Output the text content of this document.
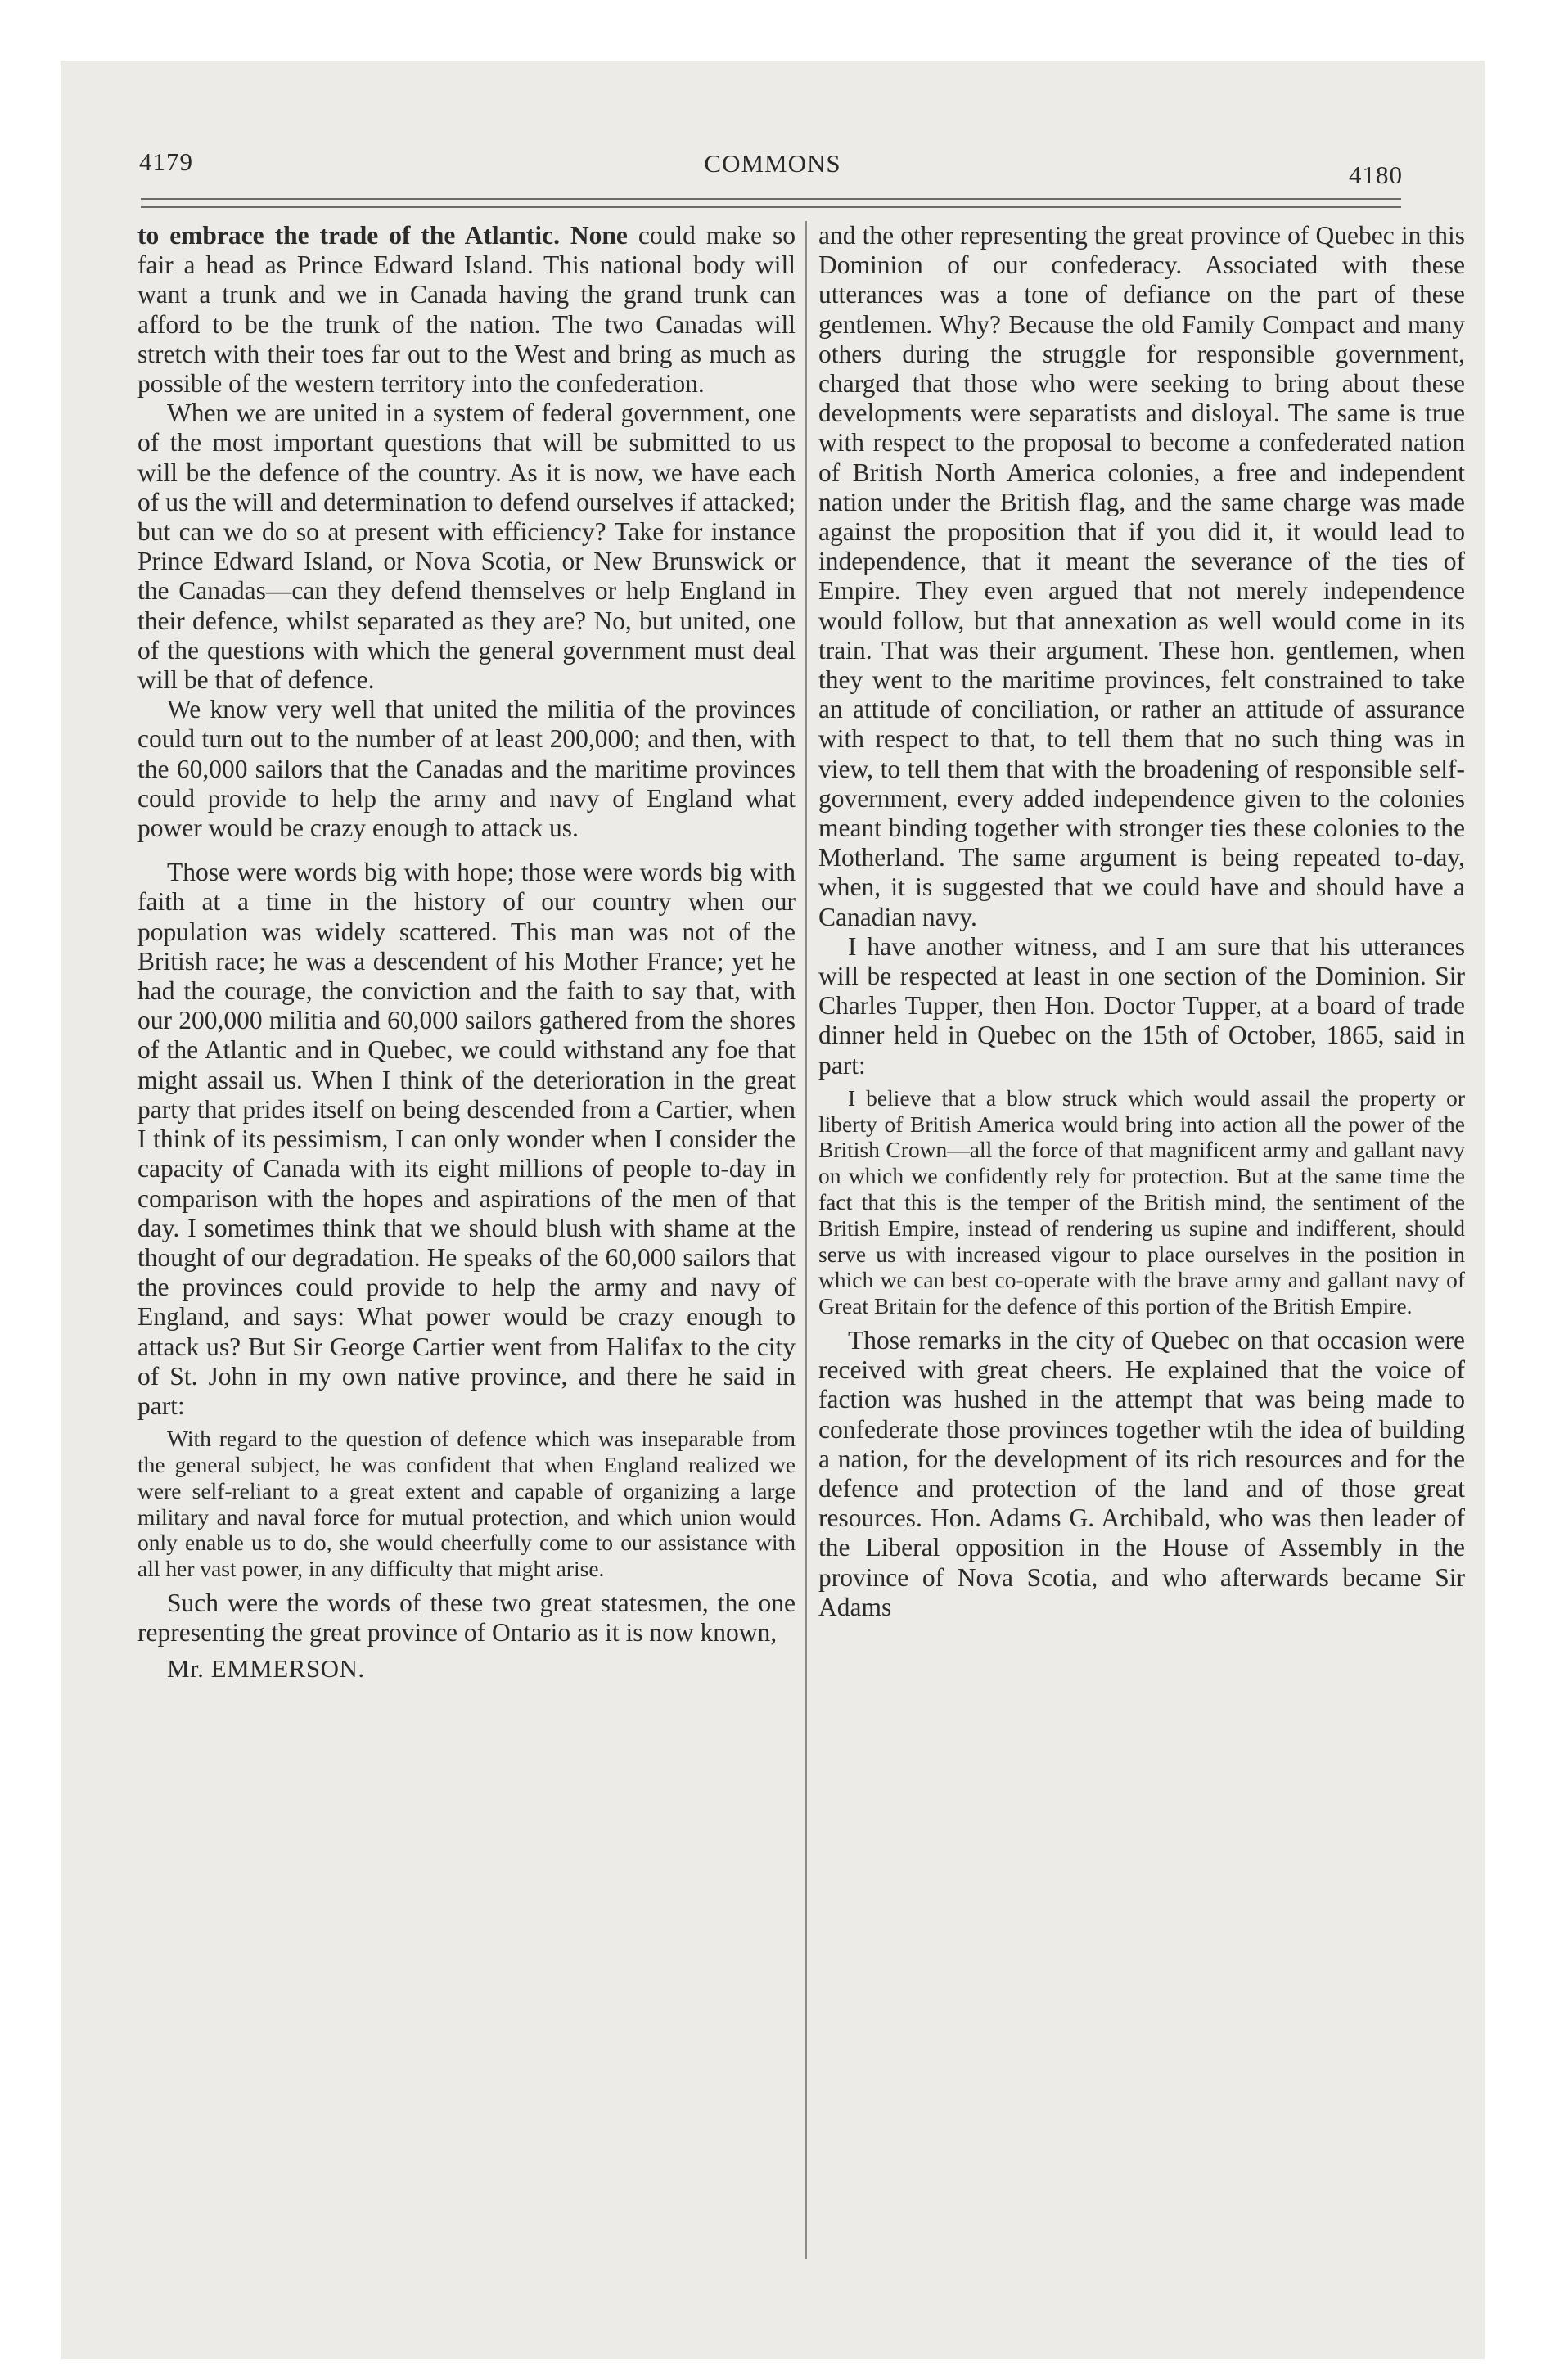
4179	COMMONS	4180

to embrace the trade of the Atlantic. None could make so fair a head as Prince Edward Island. This national body will want a trunk and we in Canada having the grand trunk can afford to be the trunk of the nation. The two Canadas will stretch with their toes far out to the West and bring as much as possible of the western territory into the confederation.

When we are united in a system of federal government, one of the most important questions that will be submitted to us will be the defence of the country. As it is now, we have each of us the will and determination to defend ourselves if attacked; but can we do so at present with efficiency? Take for instance Prince Edward Island, or Nova Scotia, or New Brunswick or the Canadas—can they defend themselves or help England in their defence, whilst separated as they are? No, but united, one of the questions with which the general government must deal will be that of defence.

We know very well that united the militia of the provinces could turn out to the number of at least 200,000; and then, with the 60,000 sailors that the Canadas and the maritime provinces could provide to help the army and navy of England what power would be crazy enough to attack us.

Those were words big with hope; those were words big with faith at a time in the history of our country when our population was widely scattered. This man was not of the British race; he was a descendent of his Mother France; yet he had the courage, the conviction and the faith to say that, with our 200,000 militia and 60,000 sailors gathered from the shores of the Atlantic and in Quebec, we could withstand any foe that might assail us. When I think of the deterioration in the great party that prides itself on being descended from a Cartier, when I think of its pessimism, I can only wonder when I consider the capacity of Canada with its eight millions of people to-day in comparison with the hopes and aspirations of the men of that day. I sometimes think that we should blush with shame at the thought of our degradation. He speaks of the 60,000 sailors that the provinces could provide to help the army and navy of England, and says: What power would be crazy enough to attack us? But Sir George Cartier went from Halifax to the city of St. John in my own native province, and there he said in part:

With regard to the question of defence which was inseparable from the general subject, he was confident that when England realized we were self-reliant to a great extent and capable of organizing a large military and naval force for mutual protection, and which union would only enable us to do, she would cheerfully come to our assistance with all her vast power, in any difficulty that might arise.

Such were the words of these two great statesmen, the one representing the great province of Ontario as it is now known,

Mr. EMMERSON.

and the other representing the great province of Quebec in this Dominion of our confederacy. Associated with these utterances was a tone of defiance on the part of these gentlemen. Why? Because the old Family Compact and many others during the struggle for responsible government, charged that those who were seeking to bring about these developments were separatists and disloyal. The same is true with respect to the proposal to become a confederated nation of British North America colonies, a free and independent nation under the British flag, and the same charge was made against the proposition that if you did it, it would lead to independence, that it meant the severance of the ties of Empire. They even argued that not merely independence would follow, but that annexation as well would come in its train. That was their argument. These hon. gentlemen, when they went to the maritime provinces, felt constrained to take an attitude of conciliation, or rather an attitude of assurance with respect to that, to tell them that no such thing was in view, to tell them that with the broadening of responsible self-government, every added independence given to the colonies meant binding together with stronger ties these colonies to the Motherland. The same argument is being repeated to-day, when, it is suggested that we could have and should have a Canadian navy.

I have another witness, and I am sure that his utterances will be respected at least in one section of the Dominion. Sir Charles Tupper, then Hon. Doctor Tupper, at a board of trade dinner held in Quebec on the 15th of October, 1865, said in part:

I believe that a blow struck which would assail the property or liberty of British America would bring into action all the power of the British Crown—all the force of that magnificent army and gallant navy on which we confidently rely for protection. But at the same time the fact that this is the temper of the British mind, the sentiment of the British Empire, instead of rendering us supine and indifferent, should serve us with increased vigour to place ourselves in the position in which we can best co-operate with the brave army and gallant navy of Great Britain for the defence of this portion of the British Empire.

Those remarks in the city of Quebec on that occasion were received with great cheers. He explained that the voice of faction was hushed in the attempt that was being made to confederate those provinces together wtih the idea of building a nation, for the development of its rich resources and for the defence and protection of the land and of those great resources. Hon. Adams G. Archibald, who was then leader of the Liberal opposition in the House of Assembly in the province of Nova Scotia, and who afterwards became Sir Adams
